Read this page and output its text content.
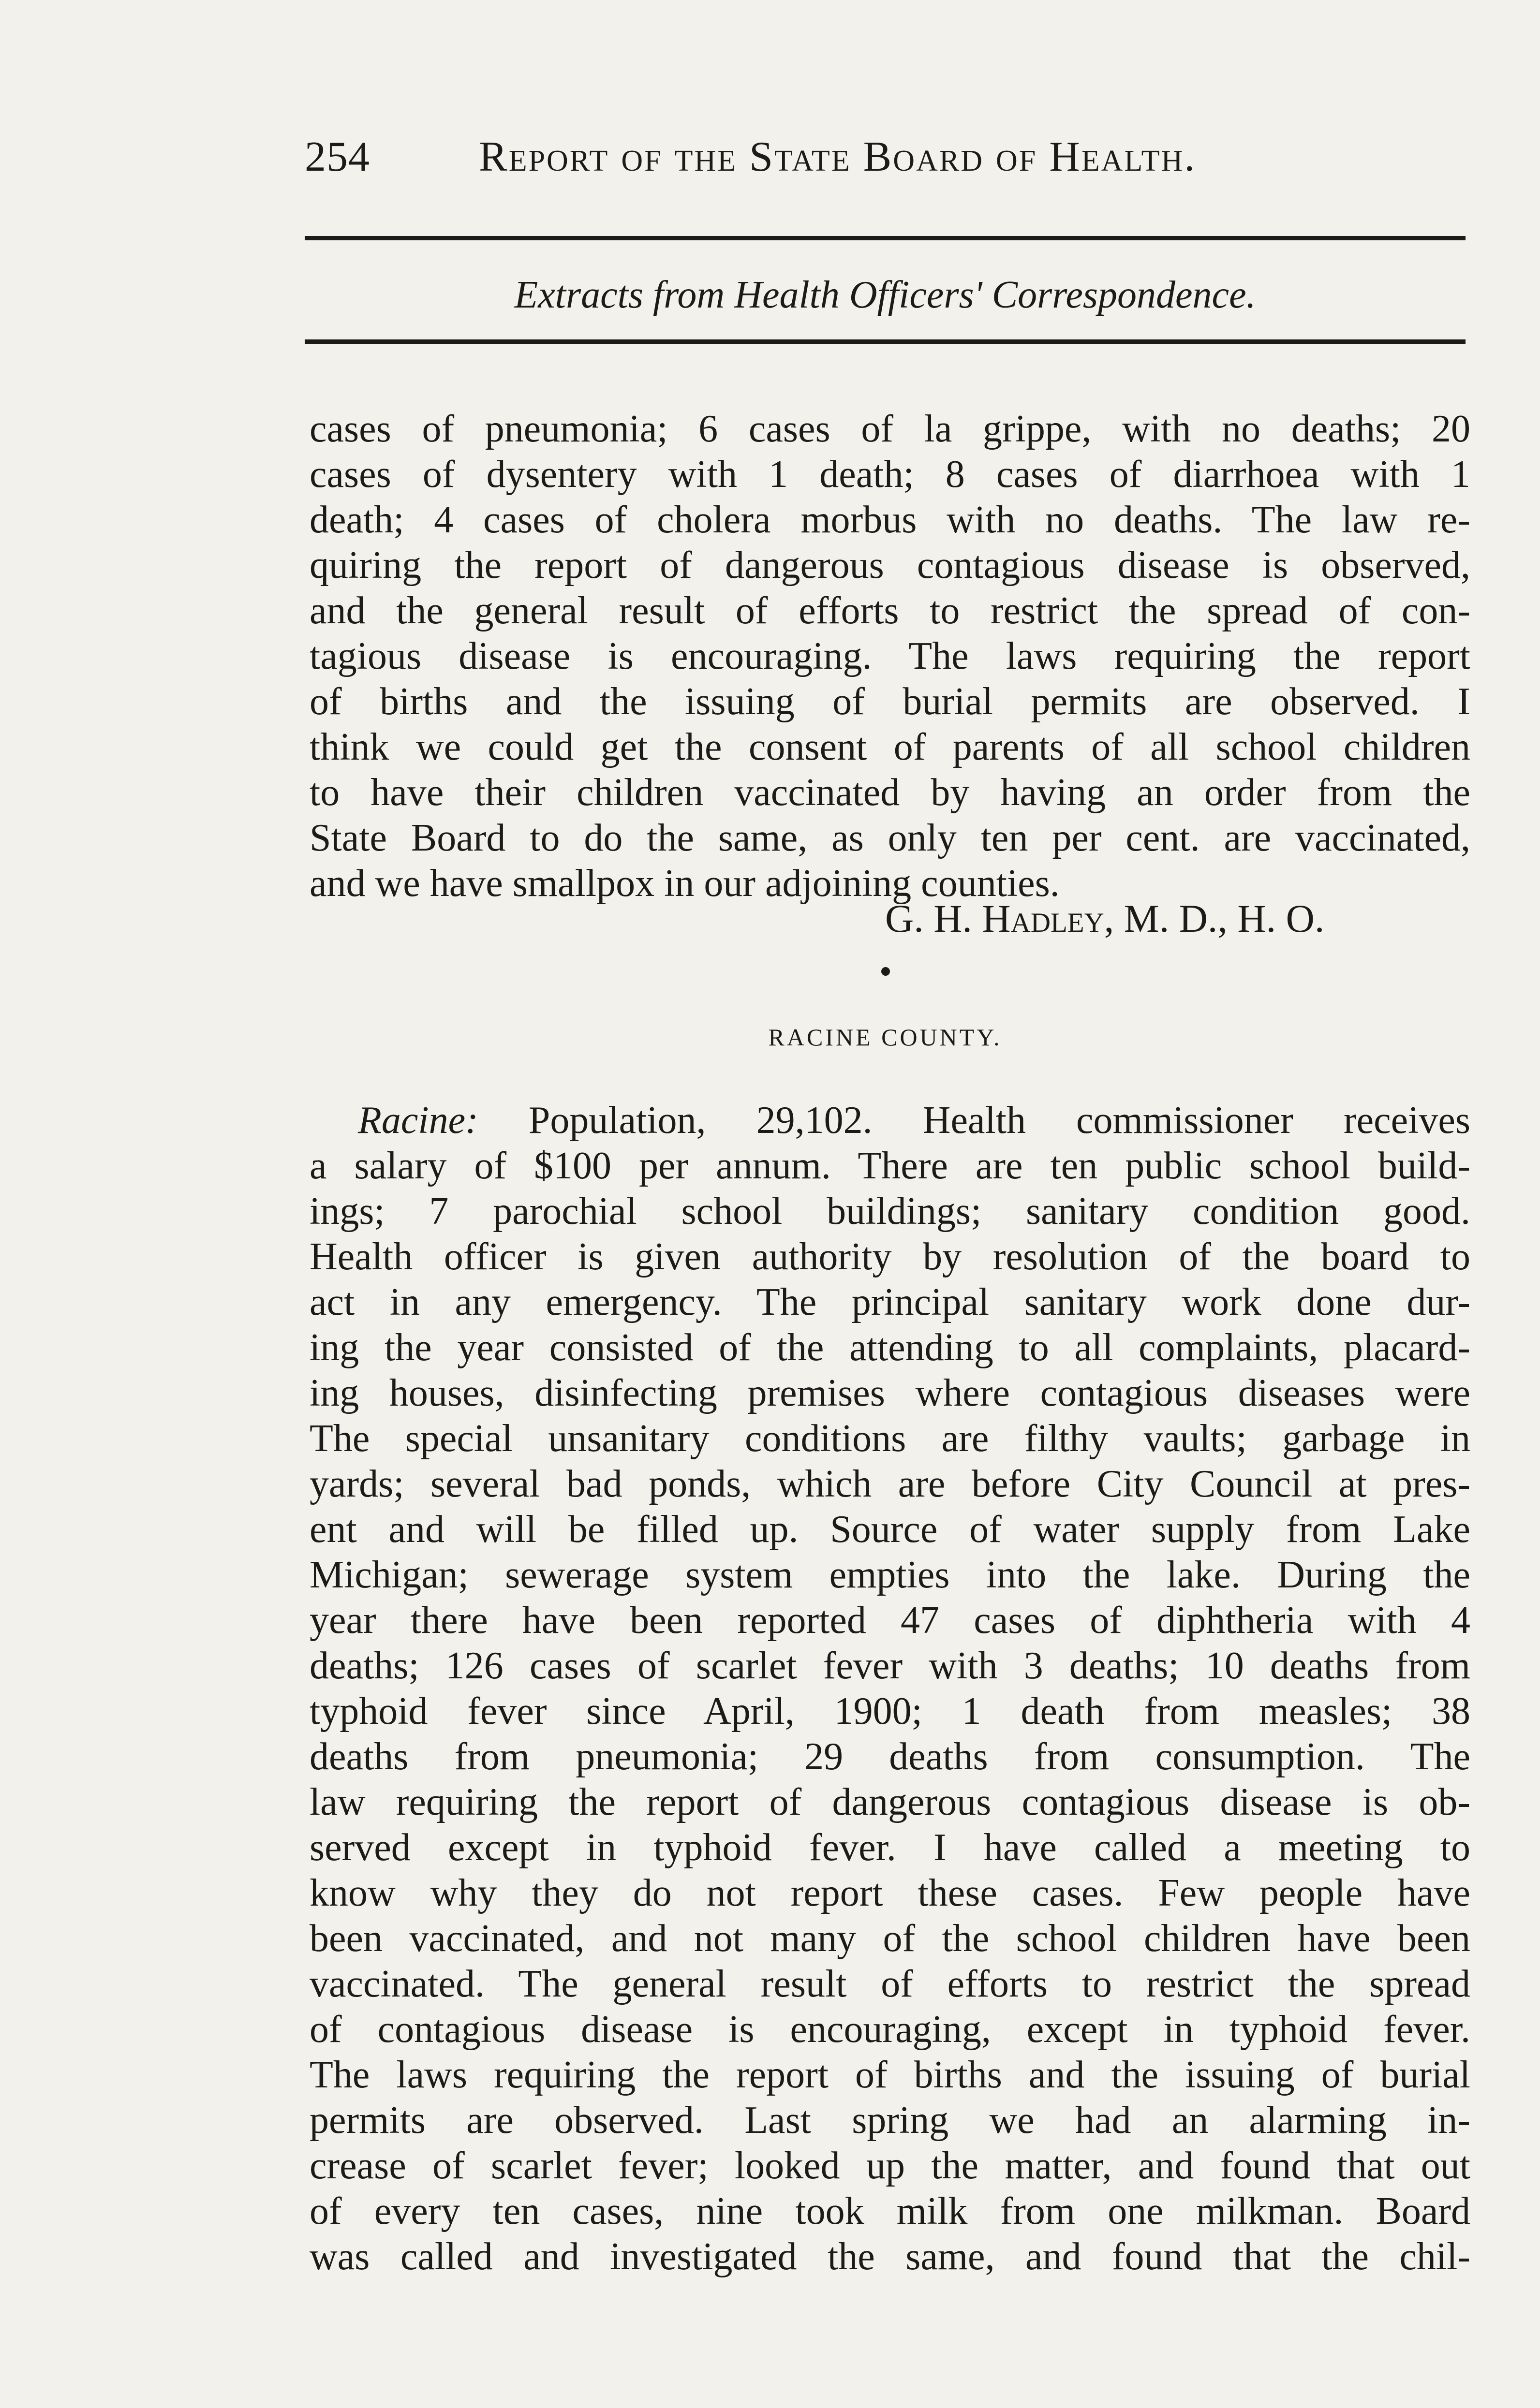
254	Report of the State Board of Health.
Extracts from Health Officers' Correspondence.
cases of pneumonia; 6 cases of la grippe, with no deaths; 20
cases of dysentery with 1 death; 8 cases of diarrhoea with 1
death; 4 cases of cholera morbus with no deaths. The law re-
quiring the report of dangerous contagious disease is observed,
and the general result of efforts to restrict the spread of con-
tagious disease is encouraging. The laws requiring the report
of births and the issuing of burial permits are observed. I
think we could get the consent of parents of all school children
to have their children vaccinated by having an order from the
State Board to do the same, as only ten per cent. are vaccinated,
and we have smallpox in our adjoining counties.
G. H. Hadley, M. D., H. O.
RACINE COUNTY.
Racine: Population, 29,102. Health commissioner receives
a salary of $100 per annum. There are ten public school build-
ings; 7 parochial school buildings; sanitary condition good.
Health officer is given authority by resolution of the board to
act in any emergency. The principal sanitary work done dur-
ing the year consisted of the attending to all complaints, placard-
ing houses, disinfecting premises where contagious diseases were
The special unsanitary conditions are filthy vaults; garbage in
yards; several bad ponds, which are before City Council at pres-
ent and will be filled up. Source of water supply from Lake
Michigan; sewerage system empties into the lake. During the
year there have been reported 47 cases of diphtheria with 4
deaths; 126 cases of scarlet fever with 3 deaths; 10 deaths from
typhoid fever since April, 1900; 1 death from measles; 38
deaths from pneumonia; 29 deaths from consumption. The
law requiring the report of dangerous contagious disease is ob-
served except in typhoid fever. I have called a meeting to
know why they do not report these cases. Few people have
been vaccinated, and not many of the school children have been
vaccinated. The general result of efforts to restrict the spread
of contagious disease is encouraging, except in typhoid fever.
The laws requiring the report of births and the issuing of burial
permits are observed. Last spring we had an alarming in-
crease of scarlet fever; looked up the matter, and found that out
of every ten cases, nine took milk from one milkman. Board
was called and investigated the same, and found that the chil-
